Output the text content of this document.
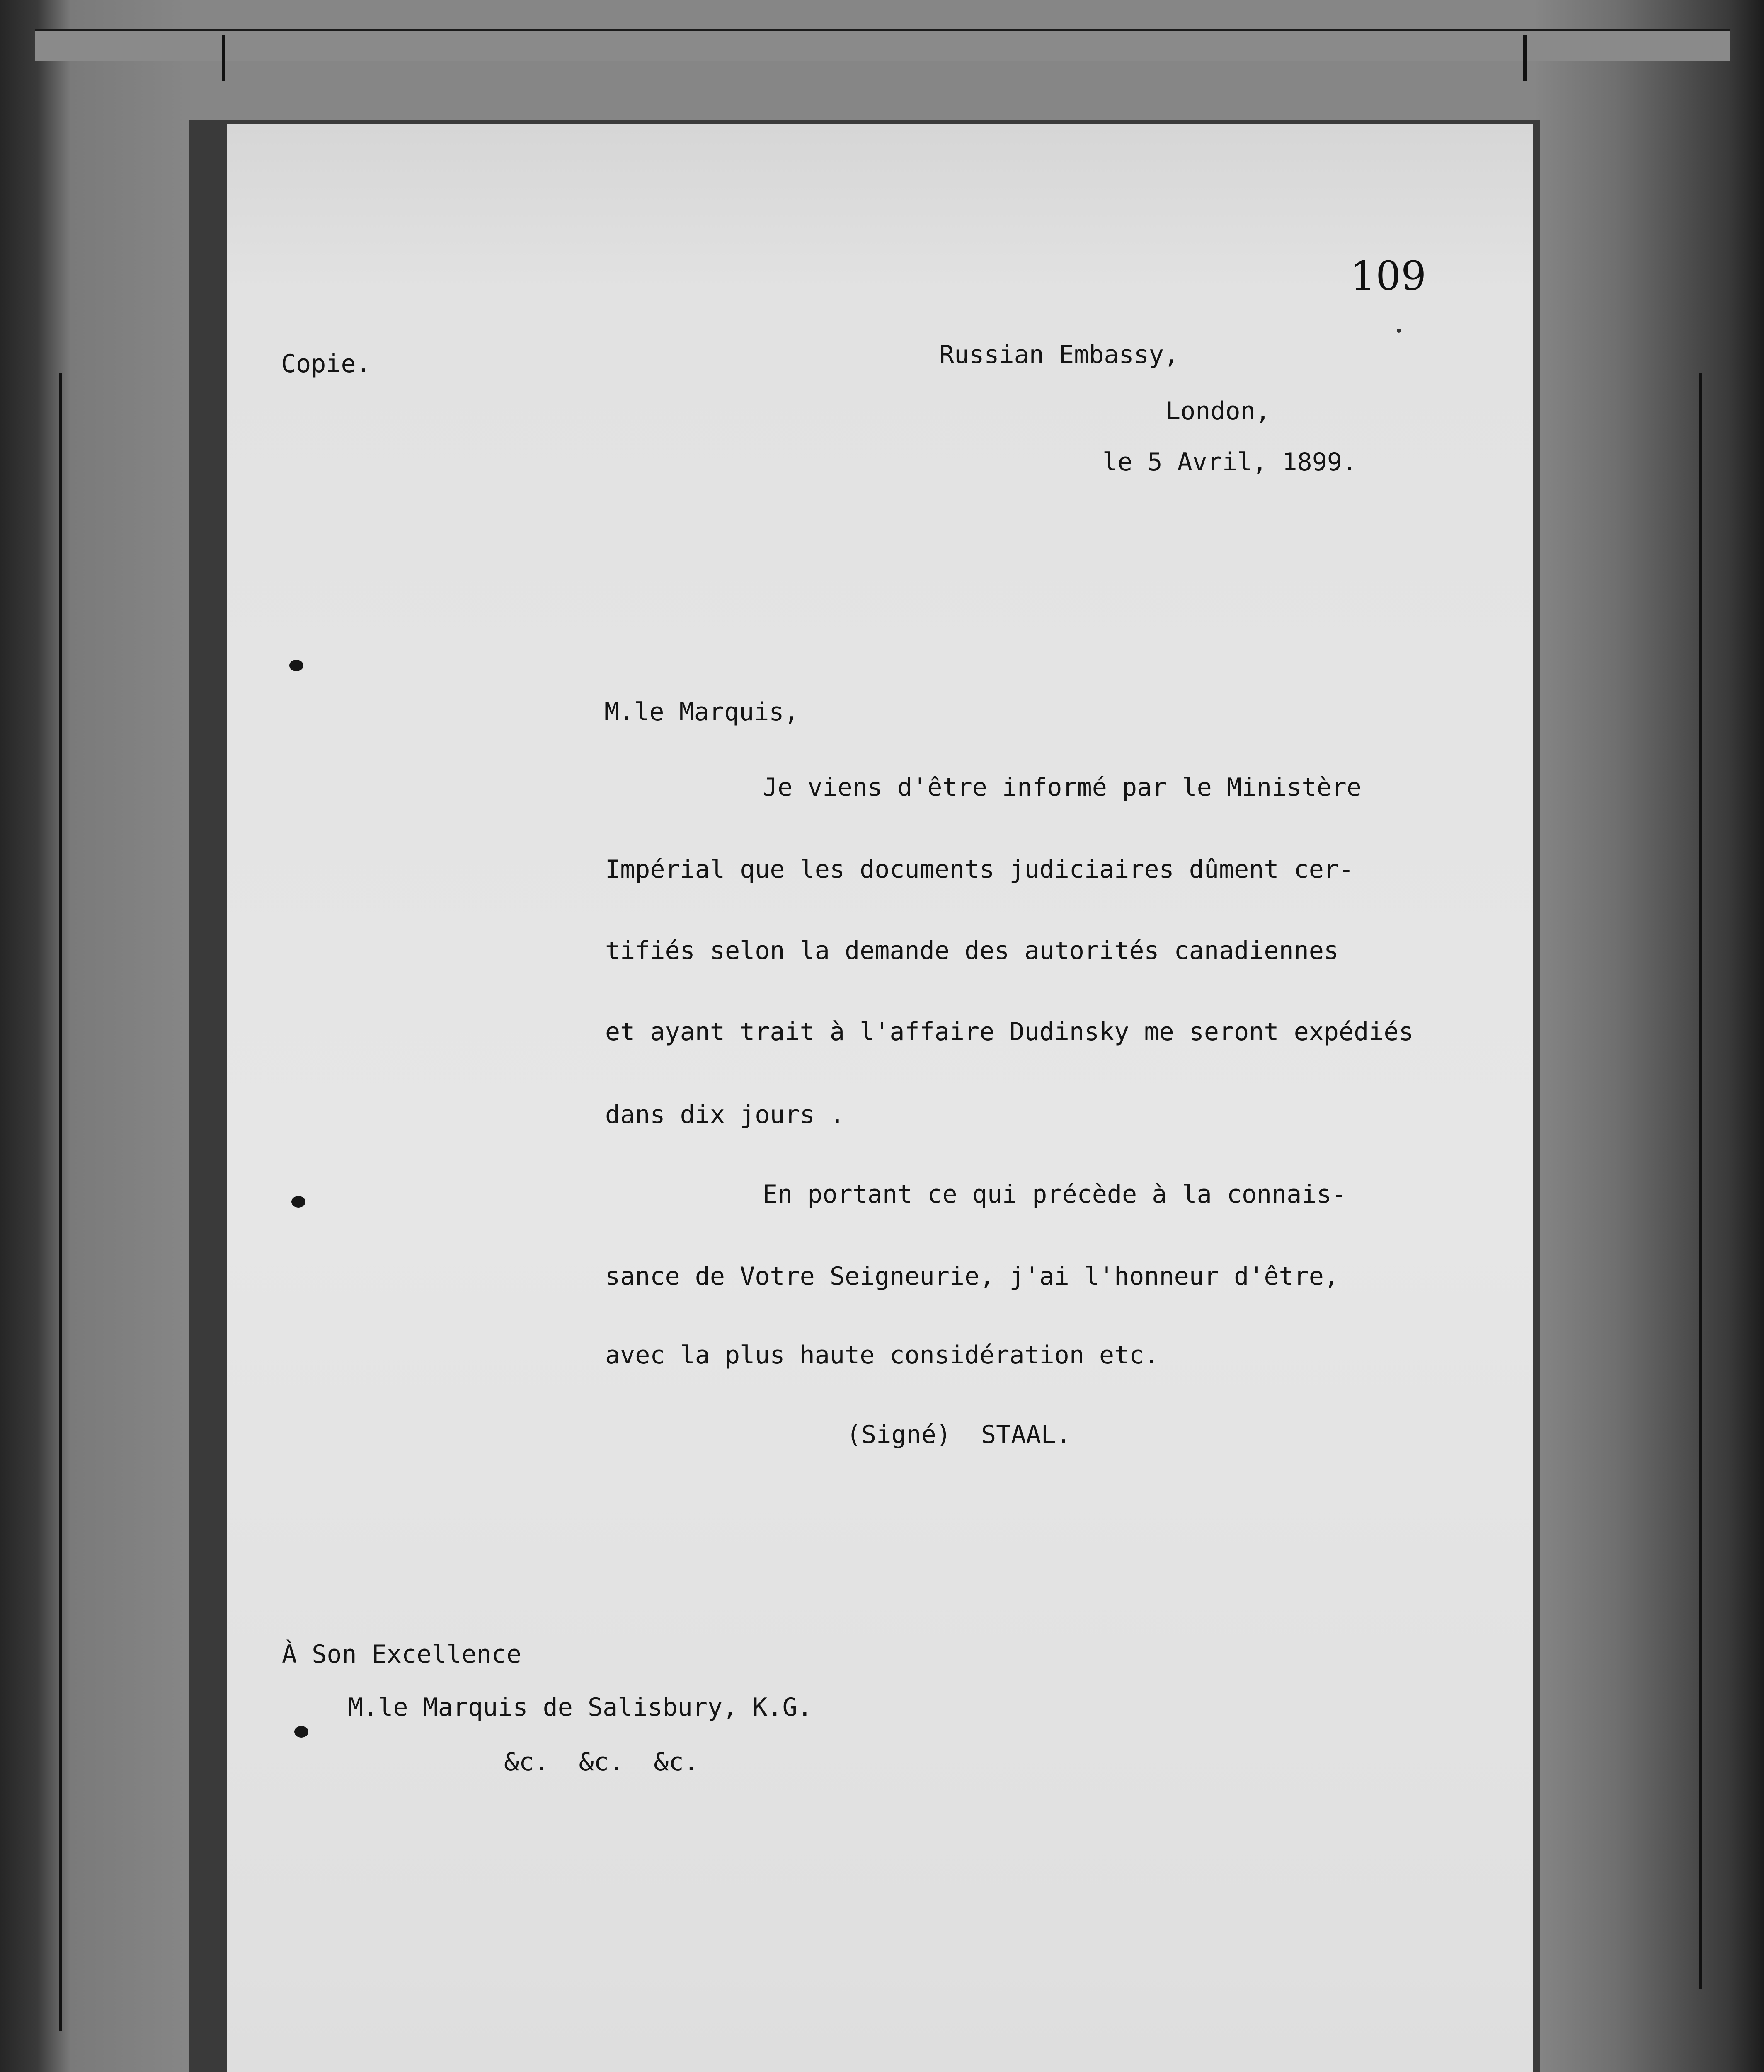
109
Copie.	Russian Embassy,
London,
le 5 Avril, 1899.
M.le Marquis,
Je viens d'être informé par le Ministère
Impérial que les documents judiciaires dûment cer-
tifiés selon la demande des autorités canadiennes
et ayant trait à l'affaire Dudinsky me seront expédiés
dans dix jours .
En portant ce qui précède à la connais-
sance de Votre Seigneurie, j'ai l'honneur d'être,
avec la plus haute considération etc.
(Signé)  STAAL.
À Son Excellence
M.le Marquis de Salisbury, K.G.
&c.  &c.  &c.
